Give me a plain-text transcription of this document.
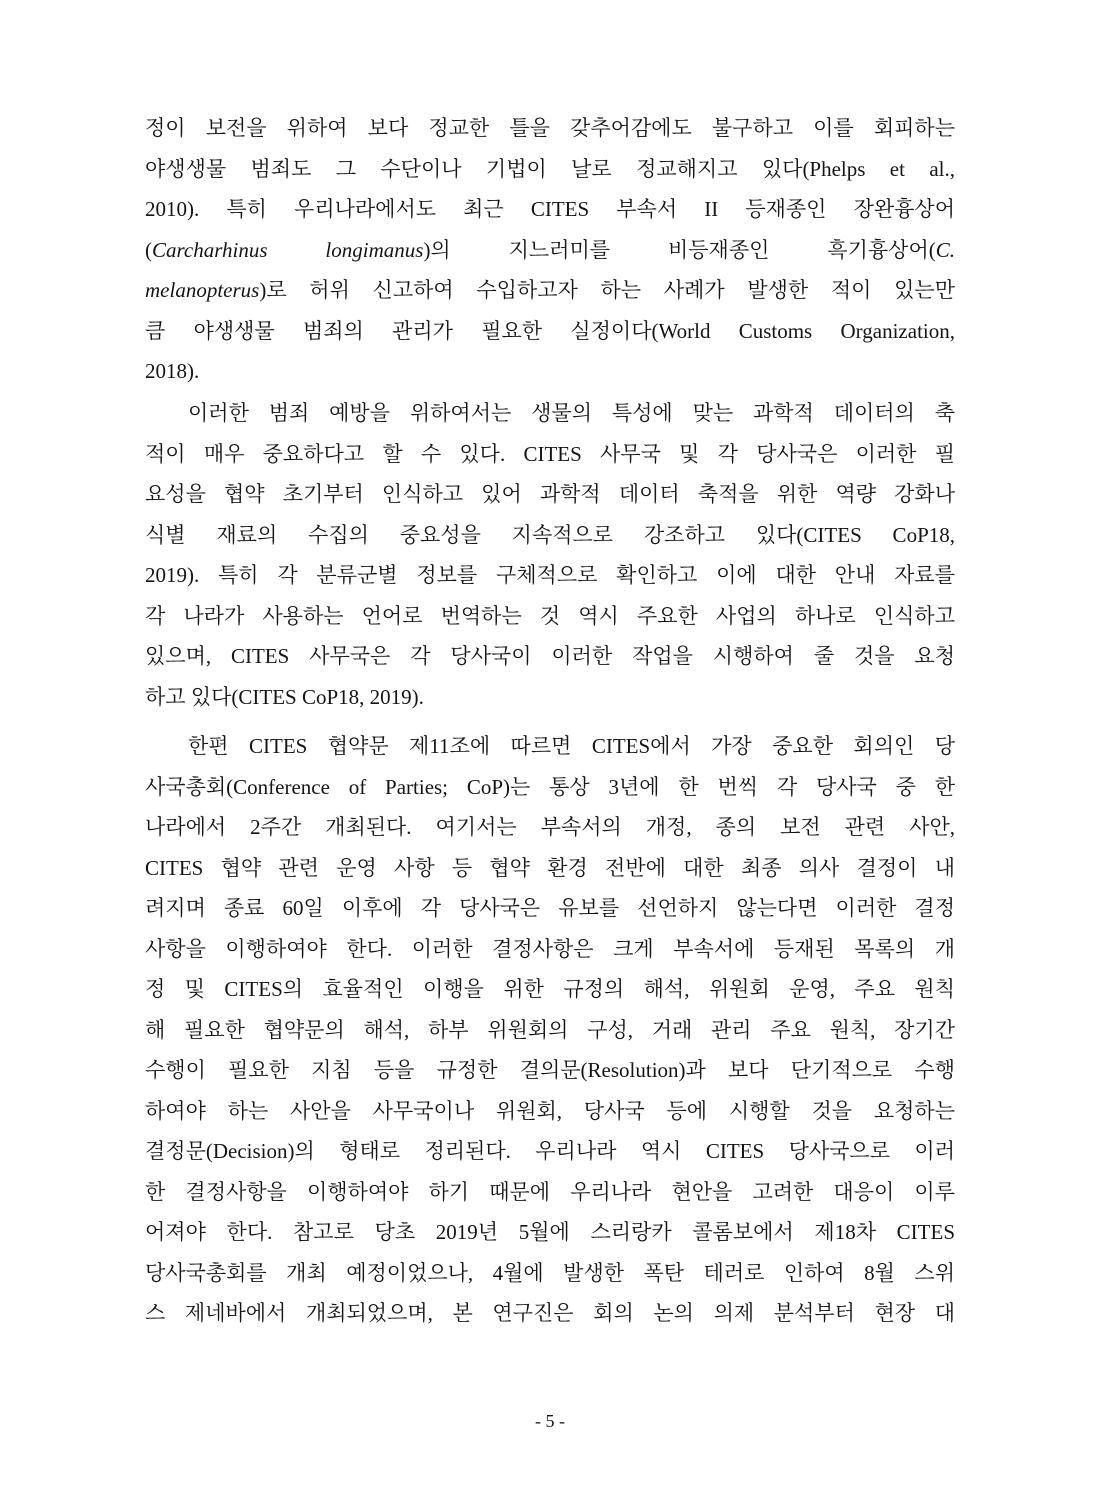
정이 보전을 위하여 보다 정교한 틀을 갖추어감에도 불구하고 이를 회피하는
야생생물 범죄도 그 수단이나 기법이 날로 정교해지고 있다(Phelps et al.,
2010). 특히 우리나라에서도 최근 CITES 부속서 II 등재종인 장완흉상어
(Carcharhinus longimanus)의 지느러미를 비등재종인 흑기흉상어(C.
melanopterus)로 허위 신고하여 수입하고자 하는 사례가 발생한 적이 있는만
큼 야생생물 범죄의 관리가 필요한 실정이다(World Customs Organization,
2018).
이러한 범죄 예방을 위하여서는 생물의 특성에 맞는 과학적 데이터의 축
적이 매우 중요하다고 할 수 있다. CITES 사무국 및 각 당사국은 이러한 필
요성을 협약 초기부터 인식하고 있어 과학적 데이터 축적을 위한 역량 강화나
식별 재료의 수집의 중요성을 지속적으로 강조하고 있다(CITES CoP18,
2019). 특히 각 분류군별 정보를 구체적으로 확인하고 이에 대한 안내 자료를
각 나라가 사용하는 언어로 번역하는 것 역시 주요한 사업의 하나로 인식하고
있으며, CITES 사무국은 각 당사국이 이러한 작업을 시행하여 줄 것을 요청
하고 있다(CITES CoP18, 2019).
한편 CITES 협약문 제11조에 따르면 CITES에서 가장 중요한 회의인 당
사국총회(Conference of Parties; CoP)는 통상 3년에 한 번씩 각 당사국 중 한
나라에서 2주간 개최된다. 여기서는 부속서의 개정, 종의 보전 관련 사안,
CITES 협약 관련 운영 사항 등 협약 환경 전반에 대한 최종 의사 결정이 내
려지며 종료 60일 이후에 각 당사국은 유보를 선언하지 않는다면 이러한 결정
사항을 이행하여야 한다. 이러한 결정사항은 크게 부속서에 등재된 목록의 개
정 및 CITES의 효율적인 이행을 위한 규정의 해석, 위원회 운영, 주요 원칙
해 필요한 협약문의 해석, 하부 위원회의 구성, 거래 관리 주요 원칙, 장기간
수행이 필요한 지침 등을 규정한 결의문(Resolution)과 보다 단기적으로 수행
하여야 하는 사안을 사무국이나 위원회, 당사국 등에 시행할 것을 요청하는
결정문(Decision)의 형태로 정리된다. 우리나라 역시 CITES 당사국으로 이러
한 결정사항을 이행하여야 하기 때문에 우리나라 현안을 고려한 대응이 이루
어져야 한다. 참고로 당초 2019년 5월에 스리랑카 콜롬보에서 제18차 CITES
당사국총회를 개최 예정이었으나, 4월에 발생한 폭탄 테러로 인하여 8월 스위
스 제네바에서 개최되었으며, 본 연구진은 회의 논의 의제 분석부터 현장 대
- 5 -
